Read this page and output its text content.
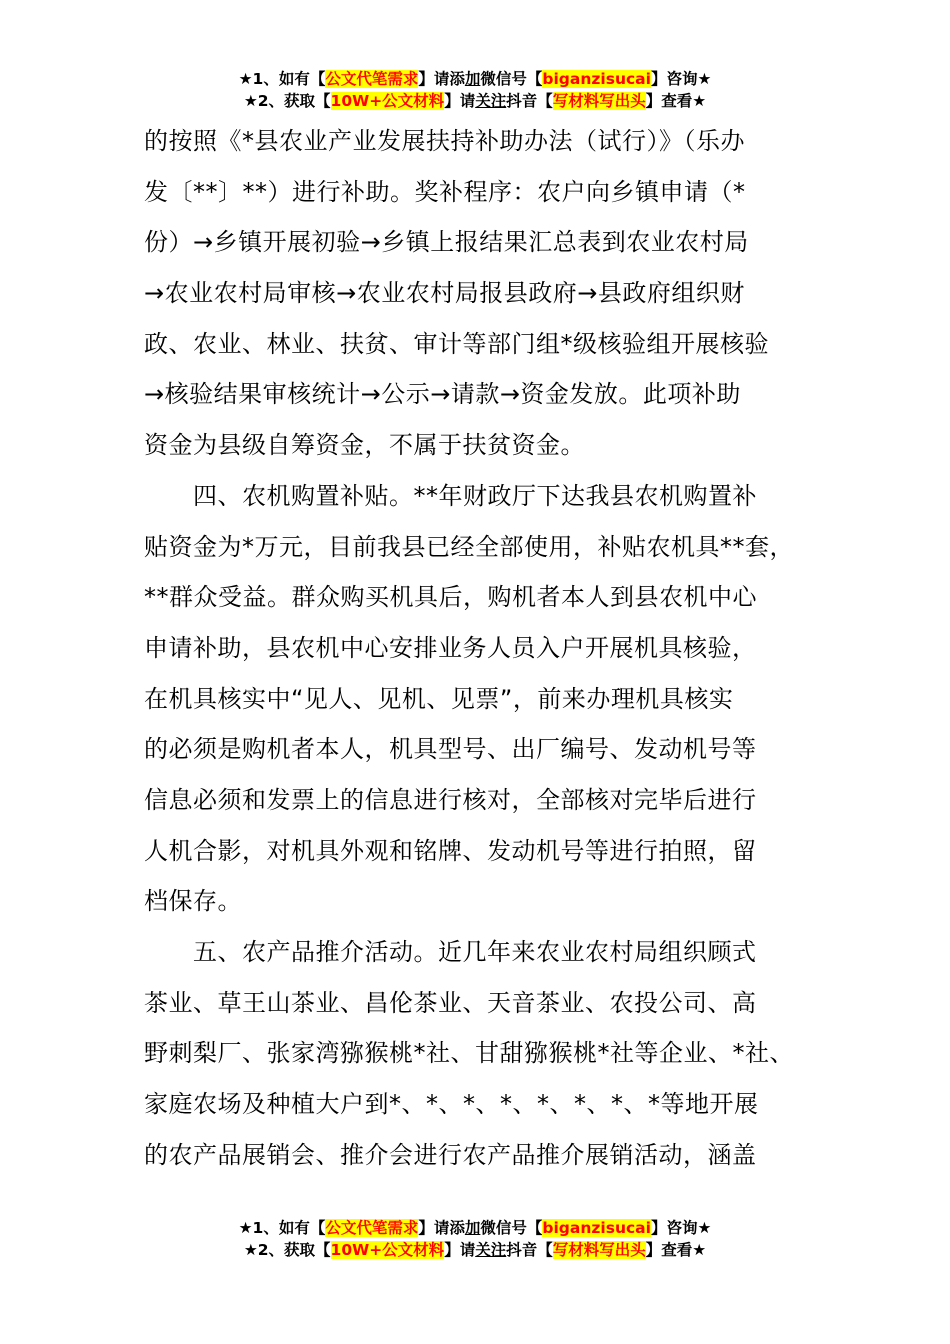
★1、如有【公文代笔需求】请添加微信号【biganzisucai】咨询★
★2、获取【10W+公文材料】请关注抖音【写材料写出头】查看★
的按照《*县农业产业发展扶持补助办法（试行）》（乐办
发〔**〕**）进行补助。奖补程序：农户向乡镇申请（*
份）→乡镇开展初验→乡镇上报结果汇总表到农业农村局
→农业农村局审核→农业农村局报县政府→县政府组织财
政、农业、林业、扶贫、审计等部门组*级核验组开展核验
→核验结果审核统计→公示→请款→资金发放。此项补助
资金为县级自筹资金，不属于扶贫资金。
　　四、农机购置补贴。**年财政厅下达我县农机购置补
贴资金为*万元，目前我县已经全部使用，补贴农机具**套，
**群众受益。群众购买机具后，购机者本人到县农机中心
申请补助，县农机中心安排业务人员入户开展机具核验，
在机具核实中“见人、见机、见票”，前来办理机具核实
的必须是购机者本人，机具型号、出厂编号、发动机号等
信息必须和发票上的信息进行核对，全部核对完毕后进行
人机合影，对机具外观和铭牌、发动机号等进行拍照，留
档保存。
　　五、农产品推介活动。近几年来农业农村局组织顾式
茶业、草王山茶业、昌伦茶业、天音茶业、农投公司、高
野刺梨厂、张家湾猕猴桃*社、甘甜猕猴桃*社等企业、*社、
家庭农场及种植大户到*、*、*、*、*、*、*、*等地开展
的农产品展销会、推介会进行农产品推介展销活动，涵盖
★1、如有【公文代笔需求】请添加微信号【biganzisucai】咨询★
★2、获取【10W+公文材料】请关注抖音【写材料写出头】查看★
